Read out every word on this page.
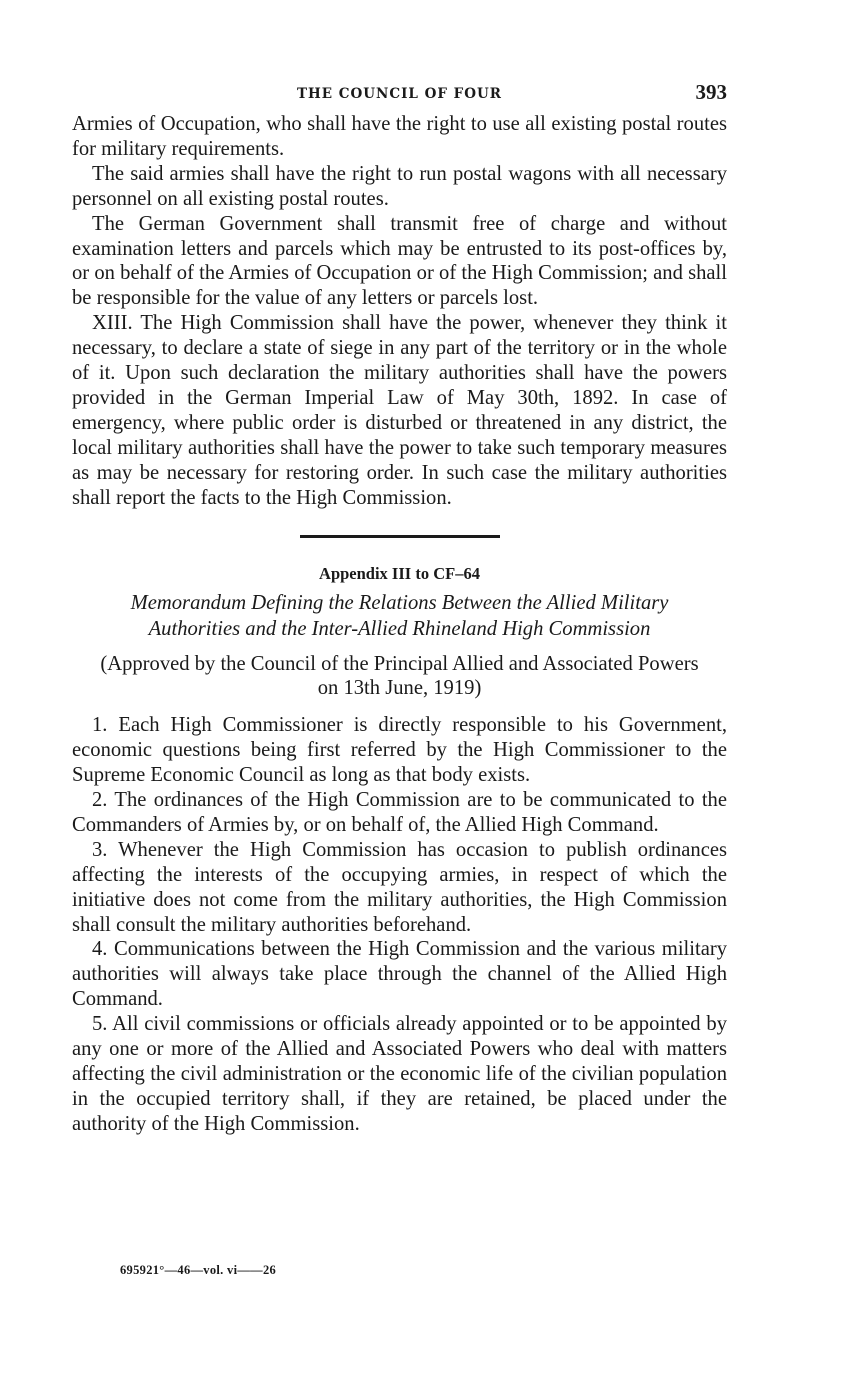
THE COUNCIL OF FOUR	393

Armies of Occupation, who shall have the right to use all existing postal routes for military requirements.

The said armies shall have the right to run postal wagons with all necessary personnel on all existing postal routes.

The German Government shall transmit free of charge and without examination letters and parcels which may be entrusted to its post-offices by, or on behalf of the Armies of Occupation or of the High Commission; and shall be responsible for the value of any letters or parcels lost.

XIII. The High Commission shall have the power, whenever they think it necessary, to declare a state of siege in any part of the territory or in the whole of it. Upon such declaration the military authorities shall have the powers provided in the German Imperial Law of May 30th, 1892. In case of emergency, where public order is disturbed or threatened in any district, the local military authorities shall have the power to take such temporary measures as may be necessary for restoring order. In such case the military authorities shall report the facts to the High Commission.

Appendix III to CF–64
Memorandum Defining the Relations Between the Allied Military Authorities and the Inter-Allied Rhineland High Commission
(Approved by the Council of the Principal Allied and Associated Powers on 13th June, 1919)

1. Each High Commissioner is directly responsible to his Government, economic questions being first referred by the High Commissioner to the Supreme Economic Council as long as that body exists.

2. The ordinances of the High Commission are to be communicated to the Commanders of Armies by, or on behalf of, the Allied High Command.

3. Whenever the High Commission has occasion to publish ordinances affecting the interests of the occupying armies, in respect of which the initiative does not come from the military authorities, the High Commission shall consult the military authorities beforehand.

4. Communications between the High Commission and the various military authorities will always take place through the channel of the Allied High Command.

5. All civil commissions or officials already appointed or to be appointed by any one or more of the Allied and Associated Powers who deal with matters affecting the civil administration or the economic life of the civilian population in the occupied territory shall, if they are retained, be placed under the authority of the High Commission.

695921°—46—vol. vi——26
